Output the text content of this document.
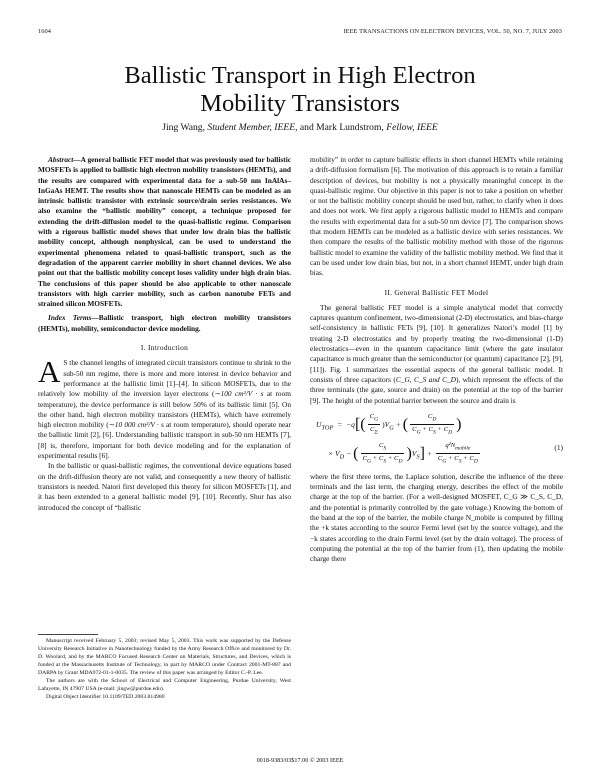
1604	IEEE TRANSACTIONS ON ELECTRON DEVICES, VOL. 50, NO. 7, JULY 2003
Ballistic Transport in High Electron
Mobility Transistors
Jing Wang, Student Member, IEEE, and Mark Lundstrom, Fellow, IEEE

Abstract—A general ballistic FET model that was previously used for ballistic MOSFETs is applied to ballistic high electron mobility transistors (HEMTs), and the results are compared with experimental data for a sub-50 nm InAlAs–InGaAs HEMT. The results show that nanoscale HEMTs can be modeled as an intrinsic ballistic transistor with extrinsic source/drain series resistances. We also examine the “ballistic mobility” concept, a technique proposed for extending the drift-diffusion model to the quasi-ballistic regime. Comparison with a rigorous ballistic model shows that under low drain bias the ballistic mobility concept, although nonphysical, can be used to understand the experimental phenomena related to quasi-ballistic transport, such as the degradation of the apparent carrier mobility in short channel devices. We also point out that the ballistic mobility concept loses validity under high drain bias. The conclusions of this paper should be also applicable to other nanoscale transistors with high carrier mobility, such as carbon nanotube FETs and strained silicon MOSFETs.

Index Terms—Ballistic transport, high electron mobility transistors (HEMTs), mobility, semiconductor device modeling.

I. Introduction

A S the channel lengths of integrated circuit transistors continue to shrink to the sub-50 nm regime, there is more and more interest in device behavior and performance at the ballistic limit [1]–[4]. In silicon MOSFETs, due to the relatively low mobility of the inversion layer electrons (∼100 cm²/V · s at room temperature), the device performance is still below 50% of its ballistic limit [5]. On the other hand, high electron mobility transistors (HEMTs), which have extremely high electron mobility (∼10 000 cm²/V · s at room temperature), should operate near the ballistic limit [2], [6]. Understanding ballistic transport in sub-50 nm HEMTs [7], [8] is, therefore, important for both device modeling and for the explanation of experimental results [6].

In the ballistic or quasi-ballistic regimes, the conventional device equations based on the drift-diffusion theory are not valid, and consequently a new theory of ballistic transistors is needed. Natori first developed this theory for silicon MOSFETs [1], and it has been extended to a general ballistic model [9], [10]. Recently, Shur has also introduced the concept of “ballistic

Manuscript received February 5, 2003; revised May 5, 2003. This work was supported by the Defense University Research Initiative in Nanotechnology funded by the Army Research Office and monitored by Dr. D. Woolard, and by the MARCO Focused Research Center on Materials, Structures, and Devices, which is funded at the Massachusetts Institute of Technology, in part by MARCO under Contract 2001-MT-887 and DARPA by Grant MDA972-01-1-0035. The review of this paper was arranged by Editor C.-P. Lee.

The authors are with the School of Electrical and Computer Engineering, Purdue University, West Lafayette, IN 47907 USA (e-mail: jingw@purdue.edu).

Digital Object Identifier 10.1109/TED.2003.814980

mobility” in order to capture ballistic effects in short channel HEMTs while retaining a drift-diffusion formalism [6]. The motivation of this approach is to retain a familiar description of devices, but mobility is not a physically meaningful concept in the quasi-ballistic regime. Our objective in this paper is not to take a position on whether or not the ballistic mobility concept should be used but, rather, to clarify when it does and does not work. We first apply a rigorous ballistic model to HEMTs and compare the results with experimental data for a sub-50 nm device [7]. The comparison shows that modern HEMTs can be modeled as a ballistic device with series resistances. We then compare the results of the ballistic mobility method with those of the rigorous ballistic model to examine the validity of the ballistic mobility method. We find that it can be used under low drain bias, but not, in a short channel HEMT, under high drain bias.

II. General Ballistic FET Model

The general ballistic FET model is a simple analytical model that correctly captures quantum confinement, two-dimensional (2-D) electrostatics, and bias-charge self-consistency in ballistic FETs [9], [10]. It generalizes Natori’s model [1] by treating 2-D electrostatics and by properly treating the two-dimensional (1-D) electrostatics—even in the quantum capacitance limit (where the gate insulator capacitance is much greater than the semiconductor (or quantum) capacitance [2], [9], [11]). Fig. 1 summarizes the essential aspects of the general ballistic model. It consists of three capacitors (C_G, C_S and C_D), which represent the effects of the three terminals (the gate, source and drain) on the potential at the top of the barrier [9]. The height of the potential barrier between the source and drain is

$U_{TOP} = -q[( \frac{C_G}{C_\Sigma} )V_G$ + ( $\frac{C_D}{C_G + C_S + C_D}$ )
× $V_D$ − ( $\frac{C_S}{C_G + C_S + C_D} )V_S] + \frac{q^2N_{mobile}}{C_G + C_S + C_D}$	(1)

where the first three terms, the Laplace solution, describe the influence of the three terminals and the last term, the charging energy, describes the effect of the mobile charge at the top of the barrier. (For a well-designed MOSFET, C_G ≫ C_S, C_D, and the potential is primarily controlled by the gate voltage.) Knowing the bottom of the band at the top of the barrier, the mobile charge N_mobile is computed by filling the +k states according to the source Fermi level (set by the source voltage), and the −k states according to the drain Fermi level (set by the drain voltage). The process of computing the potential at the top of the barrier from (1), then updating the mobile charge there

0018-9383/03$17.00 © 2003 IEEE
